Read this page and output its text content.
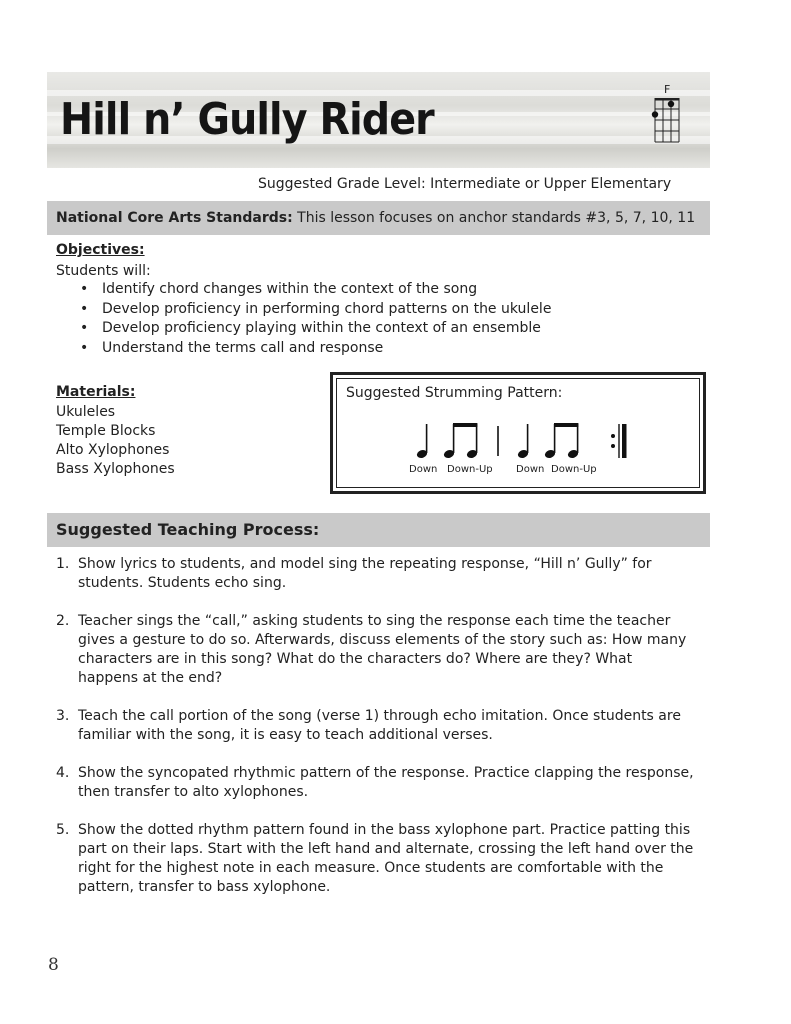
Hill n’ Gully Rider
F
Suggested Grade Level: Intermediate or Upper Elementary
National Core Arts Standards: This lesson focuses on anchor standards #3, 5, 7, 10, 11
Objectives:
Students will:
• Identify chord changes within the context of the song
• Develop proficiency in performing chord patterns on the ukulele
• Develop proficiency playing within the context of an ensemble
• Understand the terms call and response
Materials:
Ukuleles
Temple Blocks
Alto Xylophones
Bass Xylophones
Suggested Strumming Pattern:
Down Down-Up Down Down-Up
Suggested Teaching Process:
1. Show lyrics to students, and model sing the repeating response, “Hill n’ Gully” for students. Students echo sing.
2. Teacher sings the “call,” asking students to sing the response each time the teacher gives a gesture to do so. Afterwards, discuss elements of the story such as: How many characters are in this song? What do the characters do? Where are they? What happens at the end?
3. Teach the call portion of the song (verse 1) through echo imitation. Once students are familiar with the song, it is easy to teach additional verses.
4. Show the syncopated rhythmic pattern of the response. Practice clapping the response, then transfer to alto xylophones.
5. Show the dotted rhythm pattern found in the bass xylophone part. Practice patting this part on their laps. Start with the left hand and alternate, crossing the left hand over the right for the highest note in each measure. Once students are comfortable with the pattern, transfer to bass xylophone.
8
